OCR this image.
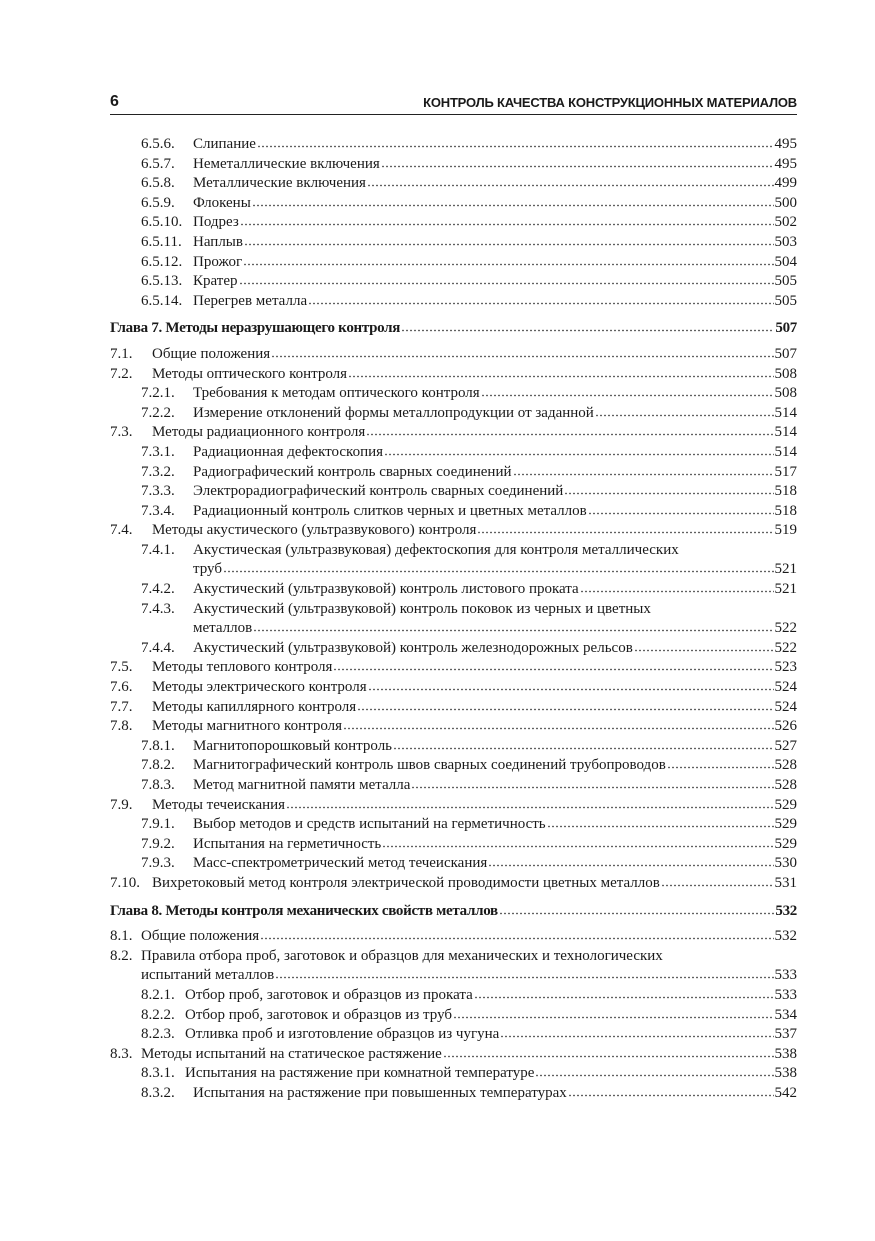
6	КОНТРОЛЬ КАЧЕСТВА КОНСТРУКЦИОННЫХ МАТЕРИАЛОВ
6.5.6. Слипание	495
6.5.7. Неметаллические включения	495
6.5.8. Металлические включения	499
6.5.9. Флокены	500
6.5.10. Подрез	502
6.5.11. Наплыв	503
6.5.12. Прожог	504
6.5.13. Кратер	505
6.5.14. Перегрев металла	505
Глава 7. Методы неразрушающего контроля	507
7.1. Общие положения	507
7.2. Методы оптического контроля	508
7.2.1. Требования к методам оптического контроля	508
7.2.2. Измерение отклонений формы металлопродукции от заданной	514
7.3. Методы радиационного контроля	514
7.3.1. Радиационная дефектоскопия	514
7.3.2. Радиографический контроль сварных соединений	517
7.3.3. Электрорадиографический контроль сварных соединений	518
7.3.4. Радиационный контроль слитков черных и цветных металлов	518
7.4. Методы акустического (ультразвукового) контроля	519
7.4.1. Акустическая (ультразвуковая) дефектоскопия для контроля металлических
труб	521
7.4.2. Акустический (ультразвуковой) контроль листового проката	521
7.4.3. Акустический (ультразвуковой) контроль поковок из черных и цветных
металлов	522
7.4.4. Акустический (ультразвуковой) контроль железнодорожных рельсов	522
7.5. Методы теплового контроля	523
7.6. Методы электрического контроля	524
7.7. Методы капиллярного контроля	524
7.8. Методы магнитного контроля	526
7.8.1. Магнитопорошковый контроль	527
7.8.2. Магнитографический контроль швов сварных соединений трубопроводов	528
7.8.3. Метод магнитной памяти металла	528
7.9. Методы течеискания	529
7.9.1. Выбор методов и средств испытаний на герметичность	529
7.9.2. Испытания на герметичность	529
7.9.3. Масс-спектрометрический метод течеискания	530
7.10. Вихретоковый метод контроля электрической проводимости цветных металлов	531
Глава 8. Методы контроля механических свойств металлов	532
8.1. Общие положения	532
8.2. Правила отбора проб, заготовок и образцов для механических и технологических
испытаний металлов	533
8.2.1. Отбор проб, заготовок и образцов из проката	533
8.2.2. Отбор проб, заготовок и образцов из труб	534
8.2.3. Отливка проб и изготовление образцов из чугуна	537
8.3. Методы испытаний на статическое растяжение	538
8.3.1. Испытания на растяжение при комнатной температуре	538
8.3.2. Испытания на растяжение при повышенных температурах	542
